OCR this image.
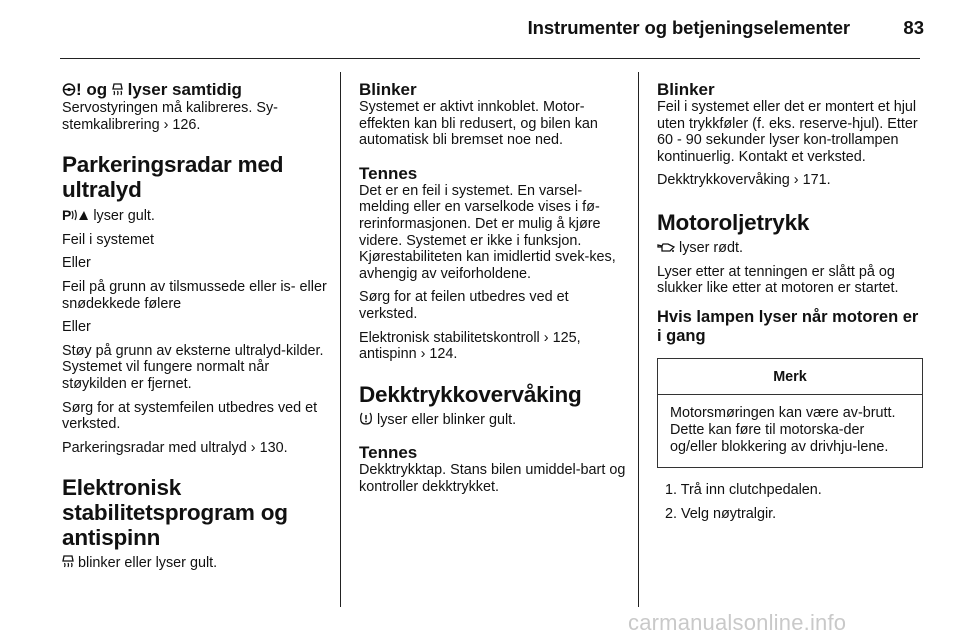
Instrumenter og betjeningselementer	83
! og  lyser samtidig

Servostyringen må kalibreres. Sy-stemkalibrering › 126.

Parkeringsradar med ultralyd

P lyser gult.

Feil i systemet

Eller

Feil på grunn av tilsmussede eller is- eller snødekkede følere

Eller

Støy på grunn av eksterne ultralyd-kilder. Systemet vil fungere normalt når støykilden er fjernet.

Sørg for at systemfeilen utbedres ved et verksted.

Parkeringsradar med ultralyd › 130.

Elektronisk stabilitetsprogram og antispinn

blinker eller lyser gult.

Blinker

Systemet er aktivt innkoblet. Motor-effekten kan bli redusert, og bilen kan automatisk bli bremset noe ned.

Tennes

Det er en feil i systemet. En varsel-melding eller en varselkode vises i fø-rerinformasjonen. Det er mulig å kjøre videre. Systemet er ikke i funksjon. Kjørestabiliteten kan imidlertid svek-kes, avhengig av veiforholdene.

Sørg for at feilen utbedres ved et verksted.

Elektronisk stabilitetskontroll › 125,
antispinn › 124.

Dekktrykkovervåking

lyser eller blinker gult.

Tennes

Dekktrykktap. Stans bilen umiddel-bart og kontroller dekktrykket.

Blinker

Feil i systemet eller det er montert et hjul uten trykkføler (f. eks. reserve-hjul). Etter 60 - 90 sekunder lyser kon-trollampen kontinuerlig. Kontakt et verksted.

Dekktrykkovervåking › 171.

Motoroljetrykk

lyser rødt.

Lyser etter at tenningen er slått på og slukker like etter at motoren er startet.

Hvis lampen lyser når motoren er i gang
Merk
Motorsmøringen kan være av-brutt. Dette kan føre til motorska-der og/eller blokkering av drivhju-lene.
1. Trå inn clutchpedalen.
2. Velg nøytralgir.
carmanualsonline.info
